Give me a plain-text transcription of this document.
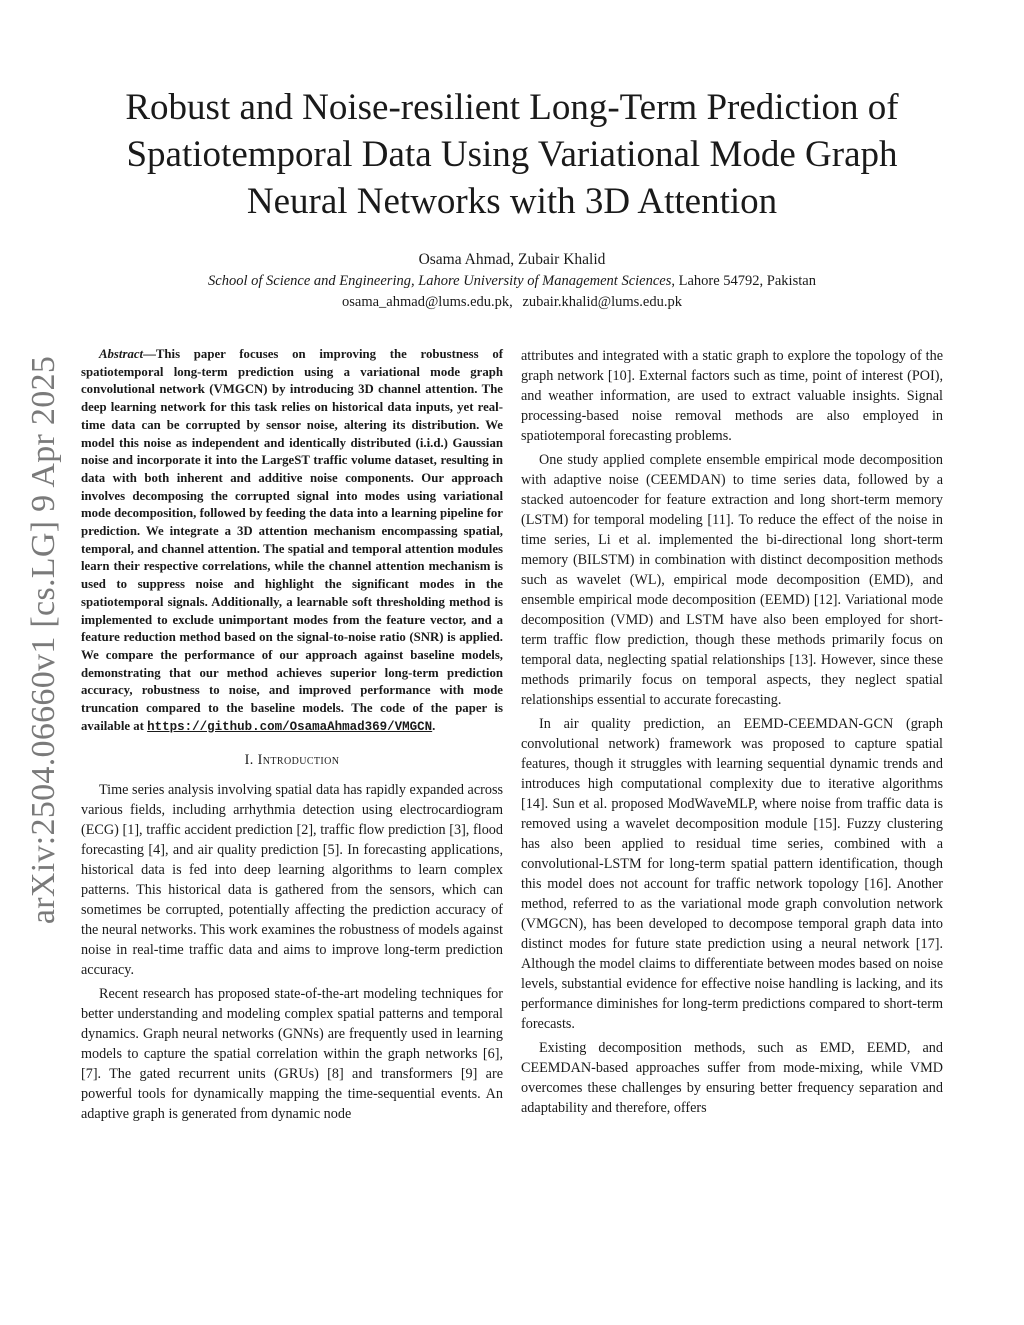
arXiv:2504.06660v1 [cs.LG] 9 Apr 2025
Robust and Noise-resilient Long-Term Prediction of Spatiotemporal Data Using Variational Mode Graph Neural Networks with 3D Attention
Osama Ahmad, Zubair Khalid
School of Science and Engineering, Lahore University of Management Sciences, Lahore 54792, Pakistan
osama_ahmad@lums.edu.pk, zubair.khalid@lums.edu.pk

Abstract—This paper focuses on improving the robustness of spatiotemporal long-term prediction using a variational mode graph convolutional network (VMGCN) by introducing 3D channel attention. The deep learning network for this task relies on historical data inputs, yet real-time data can be corrupted by sensor noise, altering its distribution. We model this noise as independent and identically distributed (i.i.d.) Gaussian noise and incorporate it into the LargeST traffic volume dataset, resulting in data with both inherent and additive noise components. Our approach involves decomposing the corrupted signal into modes using variational mode decomposition, followed by feeding the data into a learning pipeline for prediction. We integrate a 3D attention mechanism encompassing spatial, temporal, and channel attention. The spatial and temporal attention modules learn their respective correlations, while the channel attention mechanism is used to suppress noise and highlight the significant modes in the spatiotemporal signals. Additionally, a learnable soft thresholding method is implemented to exclude unimportant modes from the feature vector, and a feature reduction method based on the signal-to-noise ratio (SNR) is applied. We compare the performance of our approach against baseline models, demonstrating that our method achieves superior long-term prediction accuracy, robustness to noise, and improved performance with mode truncation compared to the baseline models. The code of the paper is available at https://github.com/OsamaAhmad369/VMGCN.

I. Introduction

Time series analysis involving spatial data has rapidly expanded across various fields, including arrhythmia detection using electrocardiogram (ECG) [1], traffic accident prediction [2], traffic flow prediction [3], flood forecasting [4], and air quality prediction [5]. In forecasting applications, historical data is fed into deep learning algorithms to learn complex patterns. This historical data is gathered from the sensors, which can sometimes be corrupted, potentially affecting the prediction accuracy of the neural networks. This work examines the robustness of models against noise in real-time traffic data and aims to improve long-term prediction accuracy.

Recent research has proposed state-of-the-art modeling techniques for better understanding and modeling complex spatial patterns and temporal dynamics. Graph neural networks (GNNs) are frequently used in learning models to capture the spatial correlation within the graph networks [6], [7]. The gated recurrent units (GRUs) [8] and transformers [9] are powerful tools for dynamically mapping the time-sequential events. An adaptive graph is generated from dynamic node

attributes and integrated with a static graph to explore the topology of the graph network [10]. External factors such as time, point of interest (POI), and weather information, are used to extract valuable insights. Signal processing-based noise removal methods are also employed in spatiotemporal forecasting problems.

One study applied complete ensemble empirical mode decomposition with adaptive noise (CEEMDAN) to time series data, followed by a stacked autoencoder for feature extraction and long short-term memory (LSTM) for temporal modeling [11]. To reduce the effect of the noise in time series, Li et al. implemented the bi-directional long short-term memory (BILSTM) in combination with distinct decomposition methods such as wavelet (WL), empirical mode decomposition (EMD), and ensemble empirical mode decomposition (EEMD) [12]. Variational mode decomposition (VMD) and LSTM have also been employed for short-term traffic flow prediction, though these methods primarily focus on temporal data, neglecting spatial relationships [13]. However, since these methods primarily focus on temporal aspects, they neglect spatial relationships essential to accurate forecasting.

In air quality prediction, an EEMD-CEEMDAN-GCN (graph convolutional network) framework was proposed to capture spatial features, though it struggles with learning sequential dynamic trends and introduces high computational complexity due to iterative algorithms [14]. Sun et al. proposed ModWaveMLP, where noise from traffic data is removed using a wavelet decomposition module [15]. Fuzzy clustering has also been applied to residual time series, combined with a convolutional-LSTM for long-term spatial pattern identification, though this model does not account for traffic network topology [16]. Another method, referred to as the variational mode graph convolution network (VMGCN), has been developed to decompose temporal graph data into distinct modes for future state prediction using a neural network [17]. Although the model claims to differentiate between modes based on noise levels, substantial evidence for effective noise handling is lacking, and its performance diminishes for long-term predictions compared to short-term forecasts.

Existing decomposition methods, such as EMD, EEMD, and CEEMDAN-based approaches suffer from mode-mixing, while VMD overcomes these challenges by ensuring better frequency separation and adaptability and therefore, offers
